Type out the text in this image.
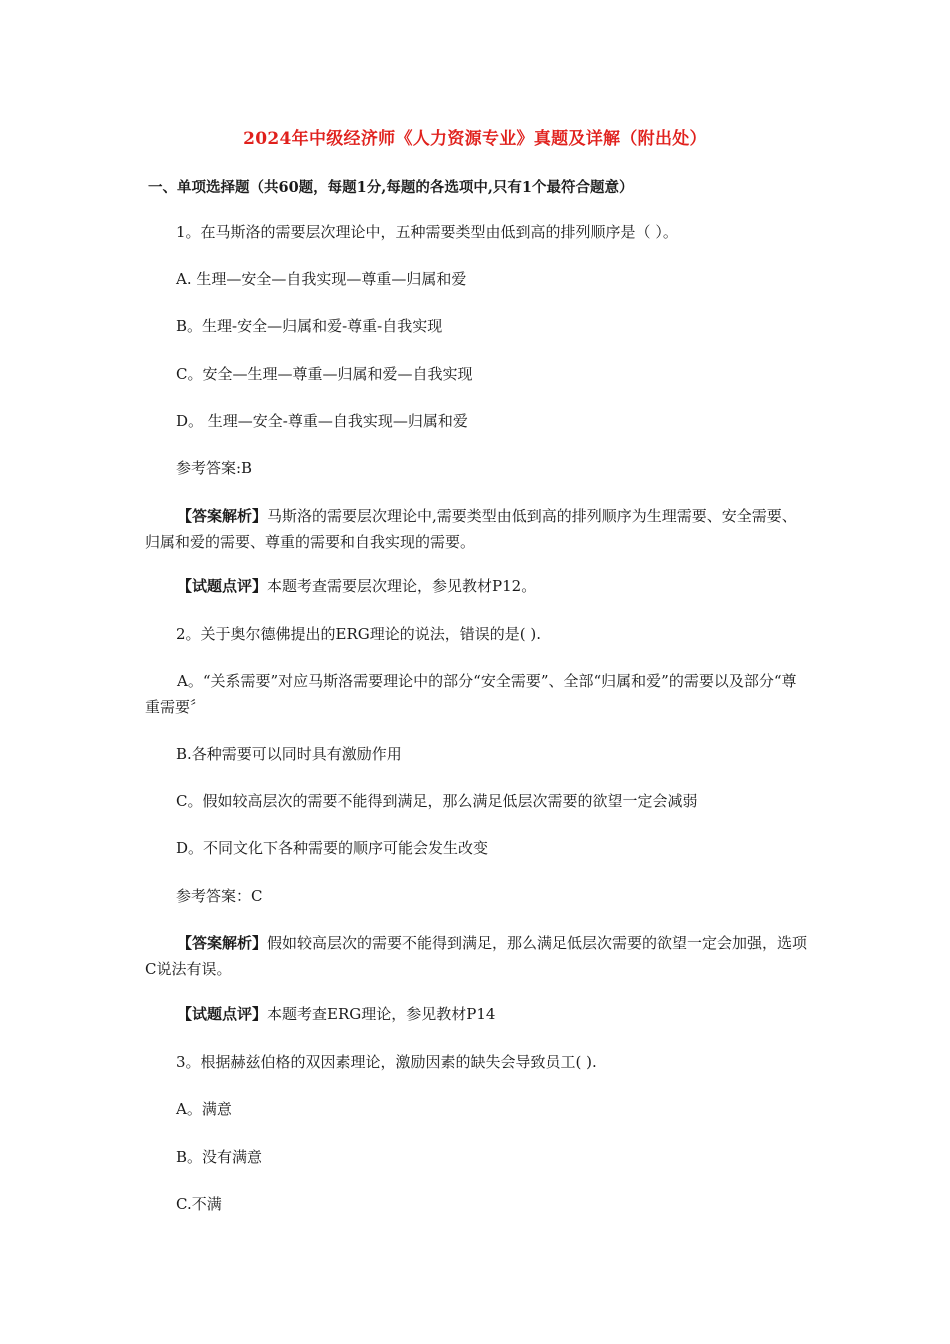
2024年中级经济师《人力资源专业》真题及详解（附出处）
一、单项选择题（共60题，每题1分,每题的各选项中,只有1个最符合题意）
1。在马斯洛的需要层次理论中，五种需要类型由低到高的排列顺序是（ ）。
A. 生理—安全—自我实现—尊重—归属和爱
B。生理-安全—归属和爱-尊重-自我实现
C。安全—生理—尊重—归属和爱—自我实现
D。 生理—安全-尊重—自我实现—归属和爱
参考答案:B
【答案解析】马斯洛的需要层次理论中,需要类型由低到高的排列顺序为生理需要、安全需要、归属和爱的需要、尊重的需要和自我实现的需要。
【试题点评】本题考查需要层次理论，参见教材P12。
2。关于奥尔德佛提出的ERG理论的说法，错误的是( ).
A。“关系需要”对应马斯洛需要理论中的部分“安全需要”、全部“归属和爱”的需要以及部分“尊重需要〞
B.各种需要可以同时具有激励作用
C。假如较高层次的需要不能得到满足，那么满足低层次需要的欲望一定会减弱
D。不同文化下各种需要的顺序可能会发生改变
参考答案：C
【答案解析】假如较高层次的需要不能得到满足，那么满足低层次需要的欲望一定会加强，选项C说法有误。
【试题点评】本题考查ERG理论，参见教材P14
3。根据赫兹伯格的双因素理论，激励因素的缺失会导致员工( ).
A。满意
B。没有满意
C.不满
